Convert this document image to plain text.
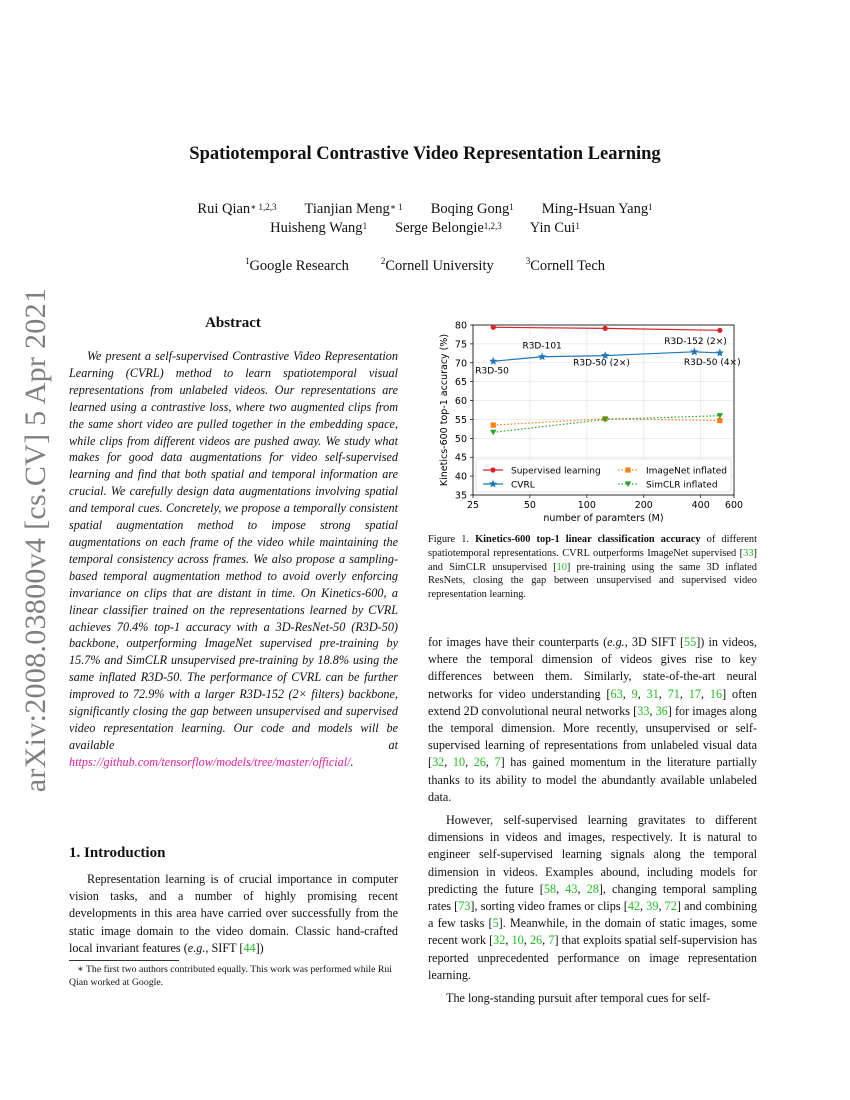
arXiv:2008.03800v4 [cs.CV] 5 Apr 2021
Spatiotemporal Contrastive Video Representation Learning
Rui Qian$^{∗ 1,2,3}$ Tianjian Meng$^{∗ 1}$ Boqing Gong$^1$ Ming-Hsuan Yang$^1$
Huisheng Wang$^1$ Serge Belongie$^{1,2,3}$ Yin Cui$^1$
$^1$Google Research	$^2$Cornell University	$^3$Cornell Tech
Abstract
We present a self-supervised Contrastive Video Representation Learning (CVRL) method to learn spatiotemporal visual representations from unlabeled videos. Our representations are learned using a contrastive loss, where two augmented clips from the same short video are pulled together in the embedding space, while clips from different videos are pushed away. We study what makes for good data augmentations for video self-supervised learning and find that both spatial and temporal information are crucial. We carefully design data augmentations involving spatial and temporal cues. Concretely, we propose a temporally consistent spatial augmentation method to impose strong spatial augmentations on each frame of the video while maintaining the temporal consistency across frames. We also propose a sampling-based temporal augmentation method to avoid overly enforcing invariance on clips that are distant in time. On Kinetics-600, a linear classifier trained on the representations learned by CVRL achieves 70.4% top-1 accuracy with a 3D-ResNet-50 (R3D-50) backbone, outperforming ImageNet supervised pre-training by 15.7% and SimCLR unsupervised pre-training by 18.8% using the same inflated R3D-50. The performance of CVRL can be further improved to 72.9% with a larger R3D-152 (2× filters) backbone, significantly closing the gap between unsupervised and supervised video representation learning. Our code and models will be available at https://github.com/tensorflow/models/tree/master/official/.
1. Introduction
Representation learning is of crucial importance in computer vision tasks, and a number of highly promising recent developments in this area have carried over successfully from the static image domain to the video domain. Classic hand-crafted local invariant features (e.g., SIFT [44])
∗ The first two authors contributed equally. This work was performed while Rui Qian worked at Google.
35
40
45
50
55
60
65
70
75
80
25	50	100	200	400 600
number of paramters (M)
Kinetics-600 top-1 accuracy (%)	R3D-50
R3D-101
R3D-50 (2×)
R3D-152 (2×)
R3D-50 (4×)
Supervised learning
CVRL
ImageNet inflated
SimCLR inflated
Figure 1. Kinetics-600 top-1 linear classification accuracy of different spatiotemporal representations. CVRL outperforms ImageNet supervised [33] and SimCLR unsupervised [10] pre-training using the same 3D inflated ResNets, closing the gap between unsupervised and supervised video representation learning.

for images have their counterparts (e.g., 3D SIFT [55]) in videos, where the temporal dimension of videos gives rise to key differences between them. Similarly, state-of-the-art neural networks for video understanding [63, 9, 31, 71, 17, 16] often extend 2D convolutional neural networks [33, 36] for images along the temporal dimension. More recently, unsupervised or self-supervised learning of representations from unlabeled visual data [32, 10, 26, 7] has gained momentum in the literature partially thanks to its ability to model the abundantly available unlabeled data.

However, self-supervised learning gravitates to different dimensions in videos and images, respectively. It is natural to engineer self-supervised learning signals along the temporal dimension in videos. Examples abound, including models for predicting the future [58, 43, 28], changing temporal sampling rates [73], sorting video frames or clips [42, 39, 72] and combining a few tasks [5]. Meanwhile, in the domain of static images, some recent work [32, 10, 26, 7] that exploits spatial self-supervision has reported unprecedented performance on image representation learning.

The long-standing pursuit after temporal cues for self-
